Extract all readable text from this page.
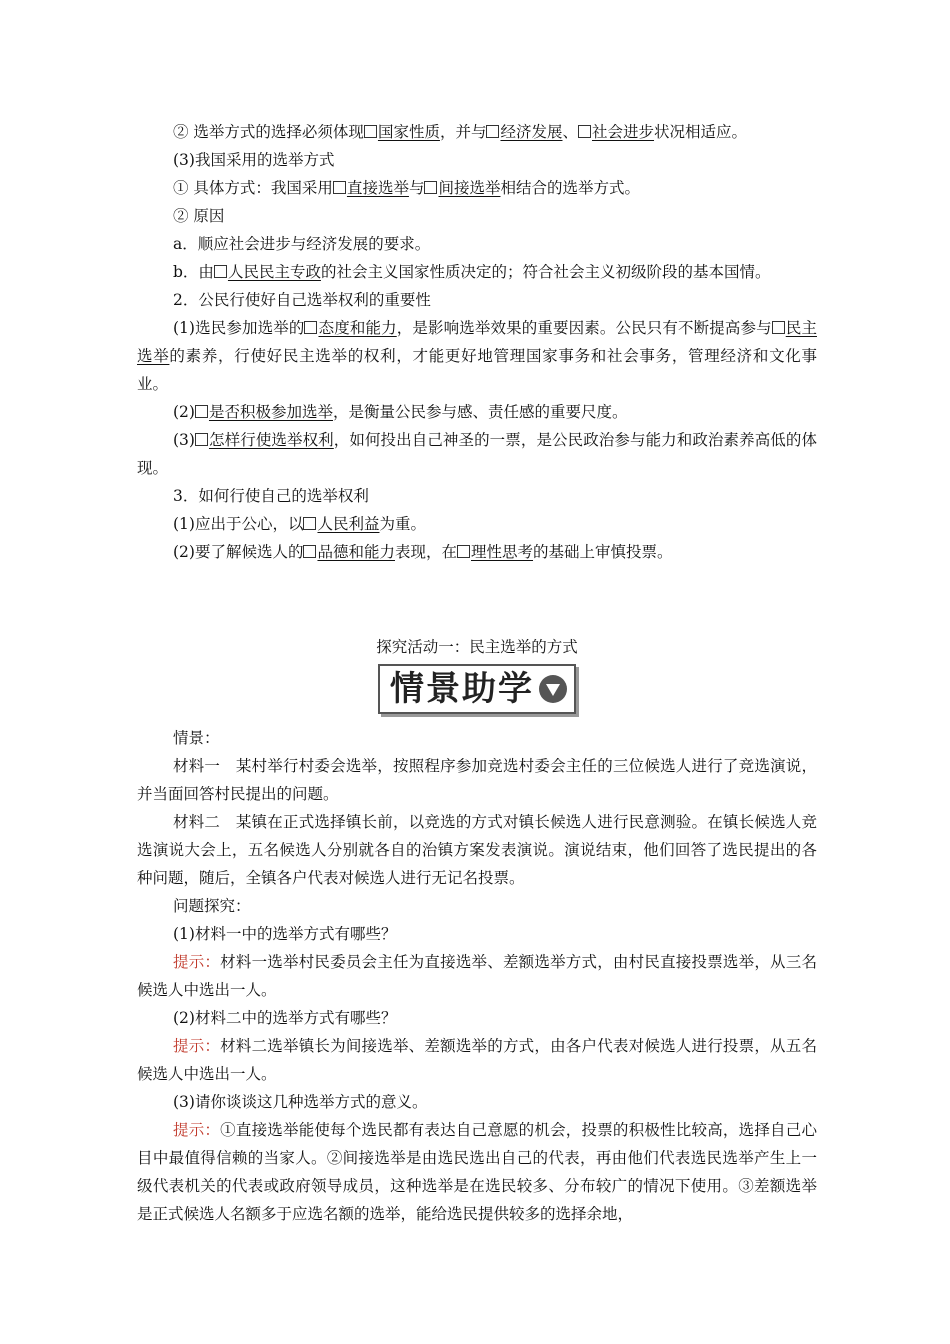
② 选举方式的选择必须体现 国家性质，并与 经济发展、 社会进步状况相适应。
(3)我国采用的选举方式
① 具体方式：我国采用 直接选举与 间接选举相结合的选举方式。
② 原因
a．顺应社会进步与经济发展的要求。
b．由 人民民主专政的社会主义国家性质决定的；符合社会主义初级阶段的基本国情。
2．公民行使好自己选举权利的重要性
(1)选民参加选举的 态度和能力，是影响选举效果的重要因素。公民只有不断提高参与 民主选举的素养，行使好民主选举的权利，才能更好地管理国家事务和社会事务，管理经济和文化事业。
(2) 是否积极参加选举，是衡量公民参与感、责任感的重要尺度。
(3) 怎样行使选举权利，如何投出自己神圣的一票，是公民政治参与能力和政治素养高低的体现。
3．如何行使自己的选举权利
(1)应出于公心，以 人民利益为重。
(2)要了解候选人的 品德和能力表现，在 理性思考的基础上审慎投票。
探究活动一：民主选举的方式
情景助学
情景：
材料一　某村举行村委会选举，按照程序参加竞选村委会主任的三位候选人进行了竞选演说，并当面回答村民提出的问题。
材料二　某镇在正式选择镇长前，以竞选的方式对镇长候选人进行民意测验。在镇长候选人竞选演说大会上，五名候选人分别就各自的治镇方案发表演说。演说结束，他们回答了选民提出的各种问题，随后，全镇各户代表对候选人进行无记名投票。
问题探究：
(1)材料一中的选举方式有哪些？
提示：材料一选举村民委员会主任为直接选举、差额选举方式，由村民直接投票选举，从三名候选人中选出一人。
(2)材料二中的选举方式有哪些？
提示：材料二选举镇长为间接选举、差额选举的方式，由各户代表对候选人进行投票，从五名候选人中选出一人。
(3)请你谈谈这几种选举方式的意义。
提示：①直接选举能使每个选民都有表达自己意愿的机会，投票的积极性比较高，选择自己心目中最值得信赖的当家人。②间接选举是由选民选出自己的代表，再由他们代表选民选举产生上一级代表机关的代表或政府领导成员，这种选举是在选民较多、分布较广的情况下使用。③差额选举是正式候选人名额多于应选名额的选举，能给选民提供较多的选择余地，
